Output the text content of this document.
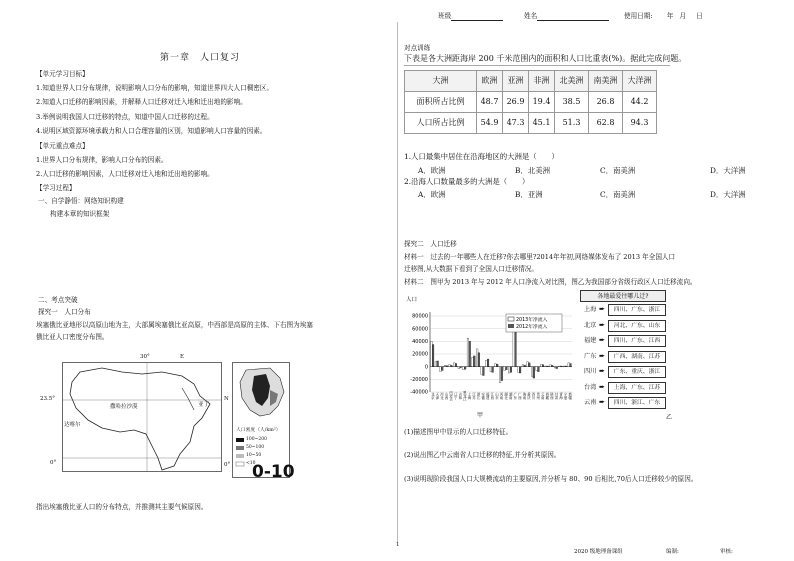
班级	姓名	使用日期: 年 月 日
第一章　人口复习
【单元学习目标】
1.知道世界人口分布规律，说明影响人口分布的影响，知道世界四大人口稠密区。
2.知道人口迁移的影响因素，并解释人口迁移对迁入地和迁出地的影响。
3.举例说明我国人口迁移的特点，知道中国人口迁移的过程。
4.说明区域资源环境承载力和人口合理容量的区别，知道影响人口容量的因素。
【单元重点难点】
1.世界人口分布规律，影响人口分布的因素。
2.人口迁移的影响因素，人口迁移对迁入地和迁出地的影响。
【学习过程】
一、自学静悟：网络知识构建
构建本章的知识框架
二、考点突破
探究一　人口分布
埃塞俄比亚地形以高原山地为主，大部属埃塞俄比亚高原，中西部是高原的主体、下右图为埃塞
俄比亚人口密度分布图。
30°	E
23.5°	N
0°	0°
撒哈拉沙漠	亚丁
达喀尔
人口密度（人/km²）
100~200
50~100
10~50
<10
0-10
指出埃塞俄比亚人口的分布特点，并推测其主要气候原因。
对点训练
下表是各大洲距海岸 200 千米范围内的面积和人口比重表(%)。据此完成问题。
大洲	欧洲	亚洲	非洲	北美洲	南美洲	大洋洲
面积所占比例	48.7	26.9	19.4	38.5	26.8	44.2
人口所占比例	54.9	47.3	45.1	51.3	62.8	94.3
1.人口最集中居住在沿海地区的大洲是（　　）
A．欧洲	B．北美洲	C．南美洲	D．大洋洲
2.沿海人口数量最多的大洲是（　　）
A．欧洲	B．亚洲	C．南美洲	D．大洋洲
探究二　人口迁移
材料一　过去的一年哪些人在迁移?你去哪里?2014年年初,网络媒体发布了 2013 年全国人口
迁移图,从大数据下看到了全国人口迁移情况。
材料二　图甲为 2013 年与 2012 年人口净流入对比图，图乙为我国部分省级行政区人口迁移流向。
人口
80000
60000
40000
20000
0
-20000
-40000 北京 天津 河北 山西 内蒙古 辽宁 吉林 黑龙江 上海 江苏 浙江 安徽 福建 江西 山东 河南 湖北 湖南 广东 广西 海南 重庆 四川 贵州 云南 西藏 陕西 甘肃 青海 宁夏 新疆
2013年净流入
2012年净流入
甲
各地最爱往哪儿迁?
上海 ➨	四川、广东、浙江
北京 ➨	河北、广东、山东
福建 ➨	四川、广东、江西
广东 ➨	广西、湖南、江苏
四川 ➨	广东、重庆、浙江
台湾 ➨	上海、广东、江苏
云南 ➨	四川、浙江、广东
乙
(1)描述图甲中显示的人口迁移特征。
(2)说出图乙中云南省人口迁移的特征,并分析其原因。
(3)说明现阶段我国人口大规模流动的主要原因,并分析与 80、90 后相比,70后人口迁移较少的原因。
1
2020 级地理备课组	编制:	审核:
